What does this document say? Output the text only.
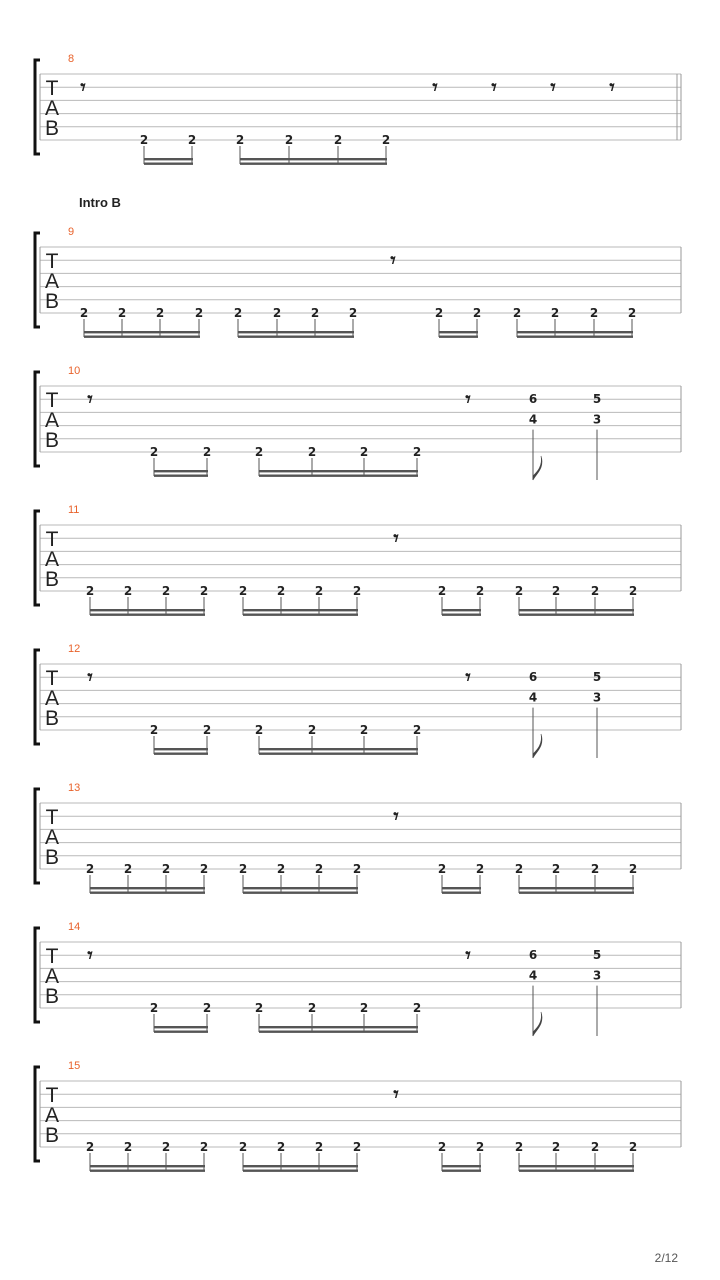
8
T
A
B
𝄾
2	2	2	2	2	2
𝄾	𝄾	𝄾	𝄾
9
Intro B
T
A
B 2 2 2	2	2	2 2 2
𝄾
2 2	2 2	2 2
10
T
A
B
𝄾
2	2	2	2	2	2
𝄾	6
4
5
3
11
T
A
B 2 2 2 2	2 2 2 2
𝄾
2 2	2 2	2 2
12
T
A
B
𝄾
2	2	2	2	2	2
𝄾	6
4
5
3
13
T
A
B 2 2 2 2	2 2 2 2
𝄾
2 2	2 2	2 2
14
T
A
B
𝄾
2	2	2	2	2	2
𝄾	6
4
5
3
15
T
A
B 2 2 2 2	2 2 2 2
𝄾
2 2	2 2	2 2
2/12
